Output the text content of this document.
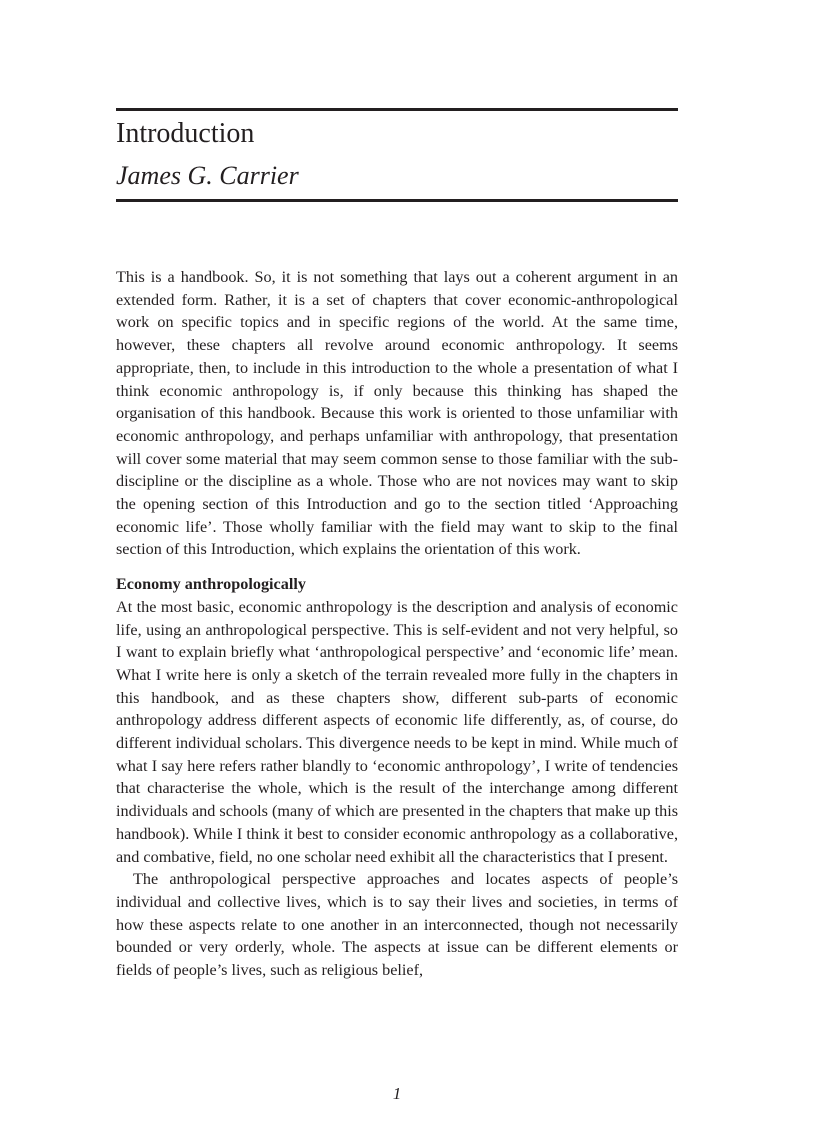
Introduction
James G. Carrier

This is a handbook. So, it is not something that lays out a coherent argument in an extended form. Rather, it is a set of chapters that cover economic-anthropological work on specific topics and in specific regions of the world. At the same time, however, these chapters all revolve around economic anthropology. It seems appropriate, then, to include in this introduction to the whole a presentation of what I think economic anthropology is, if only because this thinking has shaped the organisation of this handbook. Because this work is oriented to those unfamiliar with economic anthropology, and perhaps unfamiliar with anthropology, that presentation will cover some material that may seem common sense to those familiar with the sub-discipline or the discipline as a whole. Those who are not novices may want to skip the opening section of this Introduction and go to the section titled ‘Approaching economic life’. Those wholly familiar with the field may want to skip to the final section of this Introduction, which explains the orientation of this work.

Economy anthropologically

At the most basic, economic anthropology is the description and analysis of economic life, using an anthropological perspective. This is self-evident and not very helpful, so I want to explain briefly what ‘anthropological perspective’ and ‘economic life’ mean. What I write here is only a sketch of the terrain revealed more fully in the chapters in this handbook, and as these chapters show, different sub-parts of economic anthropology address different aspects of economic life differently, as, of course, do different individual scholars. This divergence needs to be kept in mind. While much of what I say here refers rather blandly to ‘economic anthropology’, I write of tendencies that characterise the whole, which is the result of the interchange among different individuals and schools (many of which are presented in the chapters that make up this handbook). While I think it best to consider economic anthropology as a collaborative, and combative, field, no one scholar need exhibit all the characteristics that I present.

The anthropological perspective approaches and locates aspects of people’s individual and collective lives, which is to say their lives and societies, in terms of how these aspects relate to one another in an interconnected, though not necessarily bounded or very orderly, whole. The aspects at issue can be different elements or fields of people’s lives, such as religious belief,

1
